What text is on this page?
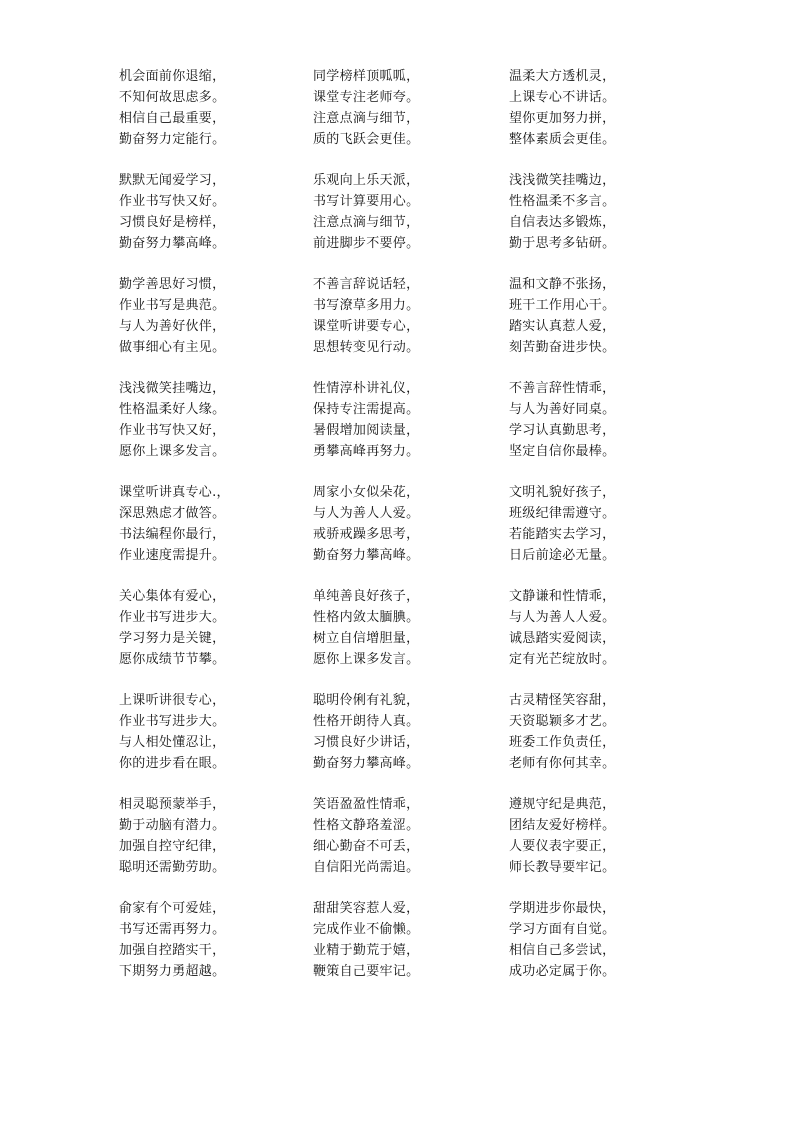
机会面前你退缩，
不知何故思虑多。
相信自己最重要，
勤奋努力定能行。
默默无闻爱学习，
作业书写快又好。
习惯良好是榜样，
勤奋努力攀高峰。
勤学善思好习惯，
作业书写是典范。
与人为善好伙伴，
做事细心有主见。
浅浅微笑挂嘴边，
性格温柔好人缘。
作业书写快又好，
愿你上课多发言。
课堂听讲真专心.，
深思熟虑才做答。
书法编程你最行，
作业速度需提升。
关心集体有爱心，
作业书写进步大。
学习努力是关键，
愿你成绩节节攀。
上课听讲很专心，
作业书写进步大。
与人相处懂忍让，
你的进步看在眼。
相灵聪预蒙举手，
勤于动脑有潜力。
加强自控守纪律，
聪明还需勤劳助。
俞家有个可爱娃，
书写还需再努力。
加强自控踏实干，
下期努力勇超越。
同学榜样顶呱呱，
课堂专注老师夸。
注意点滴与细节，
质的飞跃会更佳。
乐观向上乐天派，
书写计算要用心。
注意点滴与细节，
前进脚步不要停。
不善言辞说话轻，
书写潦草多用力。
课堂听讲要专心，
思想转变见行动。
性情淳朴讲礼仪，
保持专注需提高。
暑假增加阅读量，
勇攀高峰再努力。
周家小女似朵花，
与人为善人人爱。
戒骄戒躁多思考，
勤奋努力攀高峰。
单纯善良好孩子，
性格内敛太腼腆。
树立自信增胆量，
愿你上课多发言。
聪明伶俐有礼貌，
性格开朗待人真。
习惯良好少讲话，
勤奋努力攀高峰。
笑语盈盈性情乖，
性格文静珞羞涩。
细心勤奋不可丢，
自信阳光尚需追。
甜甜笑容惹人爱，
完成作业不偷懒。
业精于勤荒于嬉，
鞭策自己要牢记。
温柔大方透机灵，
上课专心不讲话。
望你更加努力拼，
整体素质会更佳。
浅浅微笑挂嘴边，
性格温柔不多言。
自信表达多锻炼，
勤于思考多钻研。
温和文静不张扬，
班干工作用心干。
踏实认真惹人爱，
刻苦勤奋进步快。
不善言辞性情乖，
与人为善好同桌。
学习认真勤思考，
坚定自信你最棒。
文明礼貌好孩子，
班级纪律需遵守。
若能踏实去学习，
日后前途必无量。
文静谦和性情乖，
与人为善人人爱。
诚恳踏实爱阅读，
定有光芒绽放时。
古灵精怪笑容甜，
天资聪颖多才艺。
班委工作负责任，
老师有你何其幸。
遵规守纪是典范，
团结友爱好榜样。
人要仪表字要正，
师长教导要牢记。
学期进步你最快，
学习方面有自觉。
相信自己多尝试，
成功必定属于你。
